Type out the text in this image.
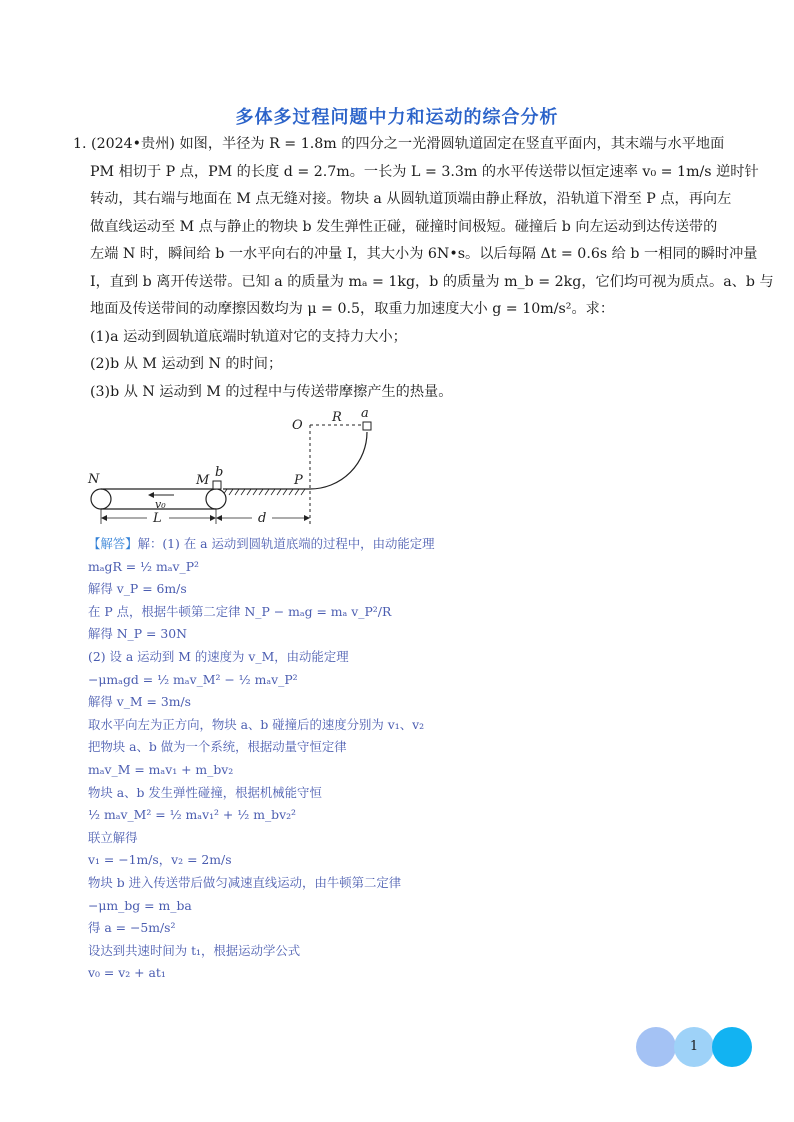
多体多过程问题中力和运动的综合分析
1. (2024•贵州) 如图，半径为 R = 1.8m 的四分之一光滑圆轨道固定在竖直平面内，其末端与水平地面
PM 相切于 P 点，PM 的长度 d = 2.7m。一长为 L = 3.3m 的水平传送带以恒定速率 v₀ = 1m/s 逆时针
转动，其右端与地面在 M 点无缝对接。物块 a 从圆轨道顶端由静止释放，沿轨道下滑至 P 点，再向左
做直线运动至 M 点与静止的物块 b 发生弹性正碰，碰撞时间极短。碰撞后 b 向左运动到达传送带的
左端 N 时，瞬间给 b 一水平向右的冲量 I，其大小为 6N•s。以后每隔 Δt = 0.6s 给 b 一相同的瞬时冲量
I，直到 b 离开传送带。已知 a 的质量为 mₐ = 1kg，b 的质量为 m_b = 2kg，它们均可视为质点。a、b 与
地面及传送带间的动摩擦因数均为 μ = 0.5，取重力加速度大小 g = 10m/s²。求：
(1)a 运动到圆轨道底端时轨道对它的支持力大小；
(2)b 从 M 运动到 N 的时间；
(3)b 从 N 运动到 M 的过程中与传送带摩擦产生的热量。
O
R a
b
N	M	P
v₀
L	d
【解答】解：(1) 在 a 运动到圆轨道底端的过程中，由动能定理
mₐgR = ½ mₐv_P²
解得 v_P = 6m/s
在 P 点，根据牛顿第二定律 N_P − mₐg = mₐ v_P²/R
解得 N_P = 30N
(2) 设 a 运动到 M 的速度为 v_M，由动能定理
−μmₐgd = ½ mₐv_M² − ½ mₐv_P²
解得 v_M = 3m/s
取水平向左为正方向，物块 a、b 碰撞后的速度分别为 v₁、v₂
把物块 a、b 做为一个系统，根据动量守恒定律
mₐv_M = mₐv₁ + m_bv₂
物块 a、b 发生弹性碰撞，根据机械能守恒
½ mₐv_M² = ½ mₐv₁² + ½ m_bv₂²
联立解得
v₁ = −1m/s，v₂ = 2m/s
物块 b 进入传送带后做匀减速直线运动，由牛顿第二定律
−μm_bg = m_ba
得 a = −5m/s²
设达到共速时间为 t₁，根据运动学公式
v₀ = v₂ + at₁
1
